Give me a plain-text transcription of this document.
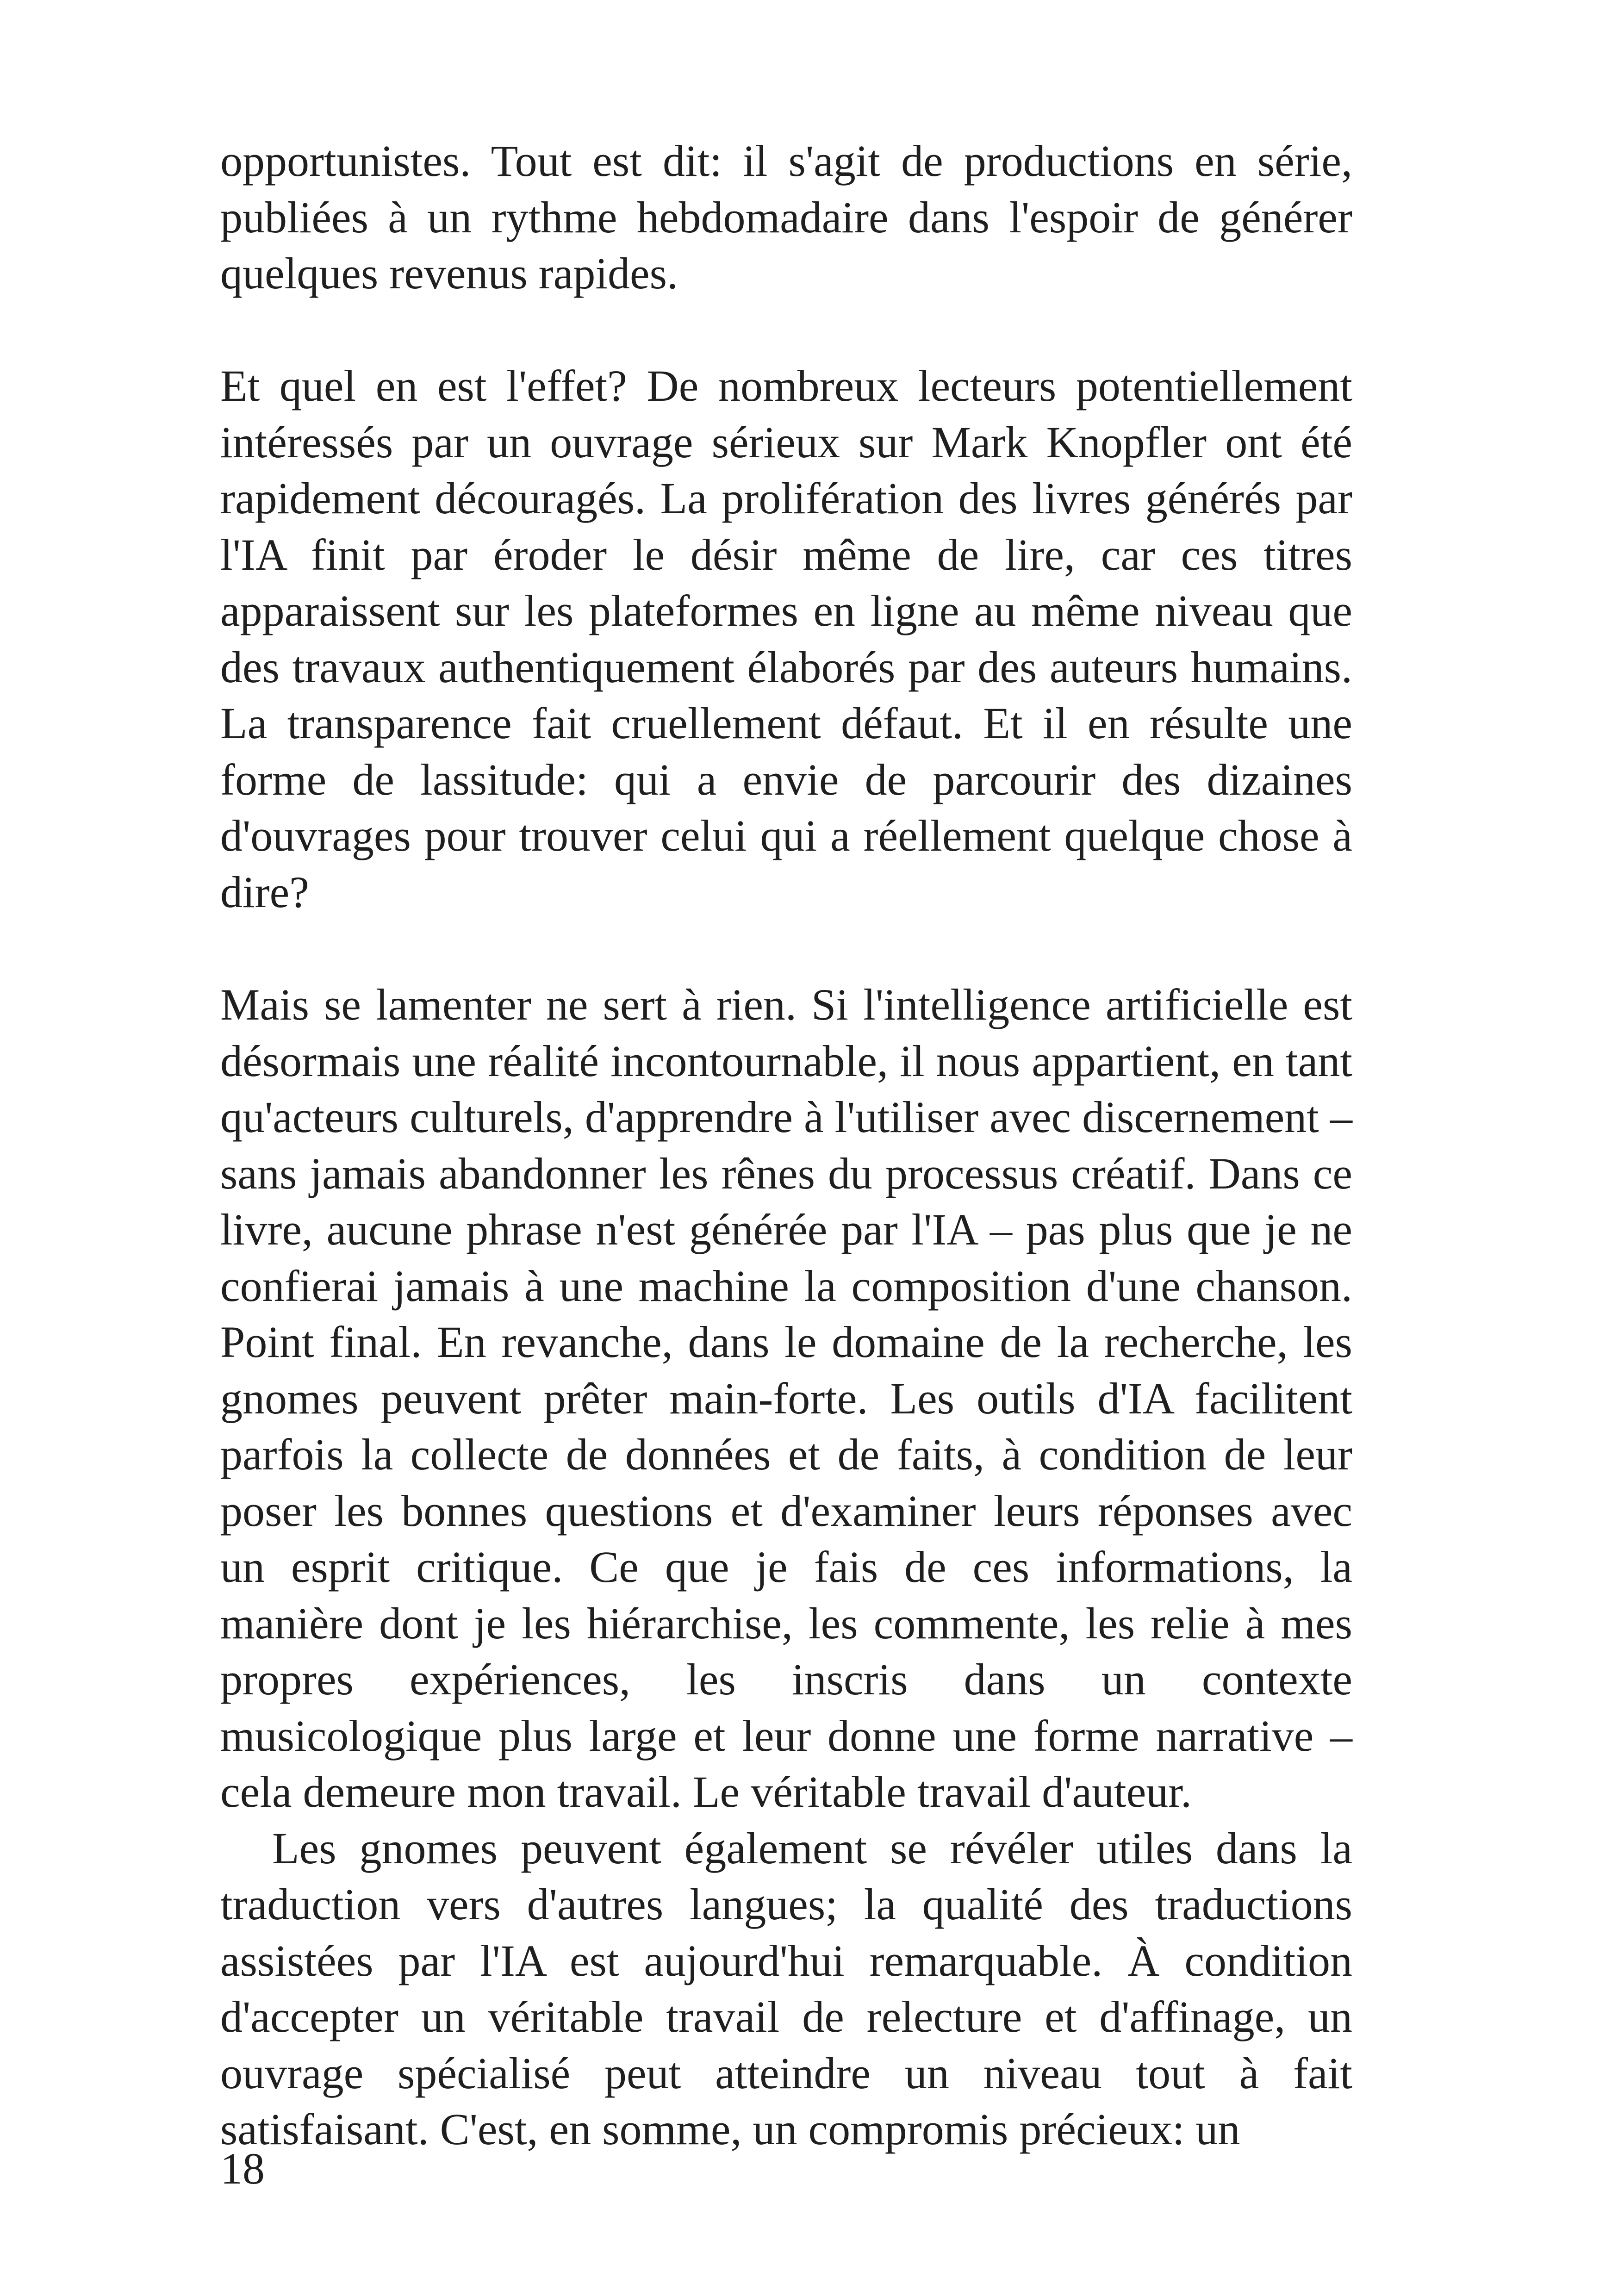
opportunistes. Tout est dit: il s'agit de productions en série, publiées à un rythme hebdomadaire dans l'espoir de générer quelques revenus rapides.

Et quel en est l'effet? De nombreux lecteurs potentiellement intéressés par un ouvrage sérieux sur Mark Knopfler ont été rapidement découragés. La prolifération des livres générés par l'IA finit par éroder le désir même de lire, car ces titres apparaissent sur les plateformes en ligne au même niveau que des travaux authentiquement élaborés par des auteurs humains. La transparence fait cruellement défaut. Et il en résulte une forme de lassitude: qui a envie de parcourir des dizaines d'ouvrages pour trouver celui qui a réellement quelque chose à dire?

Mais se lamenter ne sert à rien. Si l'intelligence artificielle est désormais une réalité incontournable, il nous appartient, en tant qu'acteurs culturels, d'apprendre à l'utiliser avec discernement – sans jamais abandonner les rênes du processus créatif. Dans ce livre, aucune phrase n'est générée par l'IA – pas plus que je ne confierai jamais à une machine la composition d'une chanson. Point final. En revanche, dans le domaine de la recherche, les gnomes peuvent prêter main-forte. Les outils d'IA facilitent parfois la collecte de données et de faits, à condition de leur poser les bonnes questions et d'examiner leurs réponses avec un esprit critique. Ce que je fais de ces informations, la manière dont je les hiérarchise, les commente, les relie à mes propres expériences, les inscris dans un contexte musicologique plus large et leur donne une forme narrative – cela demeure mon travail. Le véritable travail d'auteur.

Les gnomes peuvent également se révéler utiles dans la traduction vers d'autres langues; la qualité des traductions assistées par l'IA est aujourd'hui remarquable. À condition d'accepter un véritable travail de relecture et d'affinage, un ouvrage spécialisé peut atteindre un niveau tout à fait satisfaisant. C'est, en somme, un compromis précieux: un

18
